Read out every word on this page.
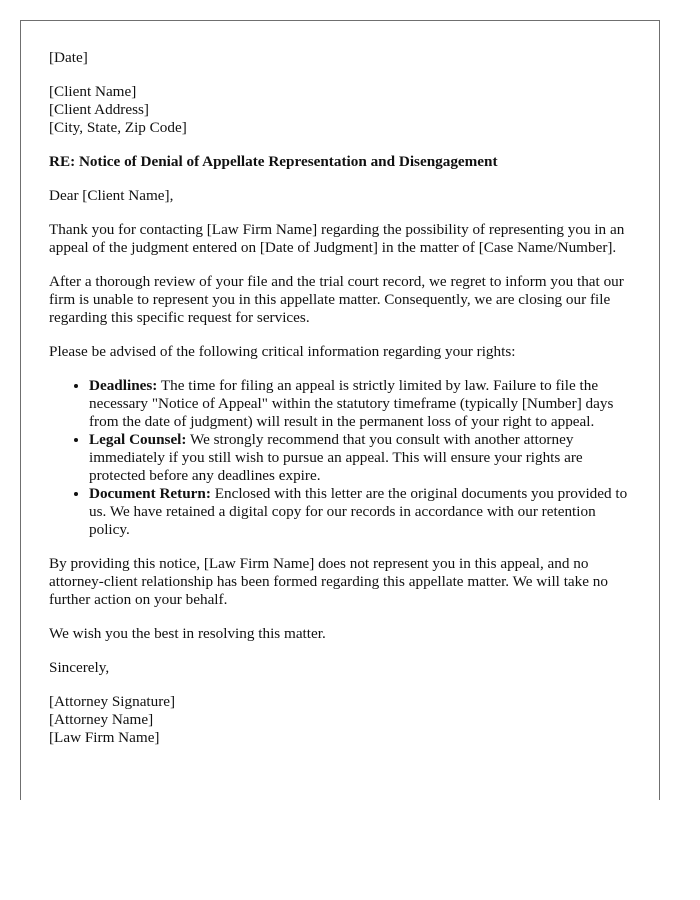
[Date]
[Client Name]
[Client Address]
[City, State, Zip Code]
RE: Notice of Denial of Appellate Representation and Disengagement

Dear [Client Name],

Thank you for contacting [Law Firm Name] regarding the possibility of representing you in an appeal of the judgment entered on [Date of Judgment] in the matter of [Case Name/Number].

After a thorough review of your file and the trial court record, we regret to inform you that our firm is unable to represent you in this appellate matter. Consequently, we are closing our file regarding this specific request for services.

Please be advised of the following critical information regarding your rights:

• Deadlines: The time for filing an appeal is strictly limited by law. Failure to file the necessary "Notice of Appeal" within the statutory timeframe (typically [Number] days from the date of judgment) will result in the permanent loss of your right to appeal.
• Legal Counsel: We strongly recommend that you consult with another attorney immediately if you still wish to pursue an appeal. This will ensure your rights are protected before any deadlines expire.
• Document Return: Enclosed with this letter are the original documents you provided to us. We have retained a digital copy for our records in accordance with our retention policy.

By providing this notice, [Law Firm Name] does not represent you in this appeal, and no attorney-client relationship has been formed regarding this appellate matter. We will take no further action on your behalf.

We wish you the best in resolving this matter.

Sincerely,

[Attorney Signature]
[Attorney Name]
[Law Firm Name]
